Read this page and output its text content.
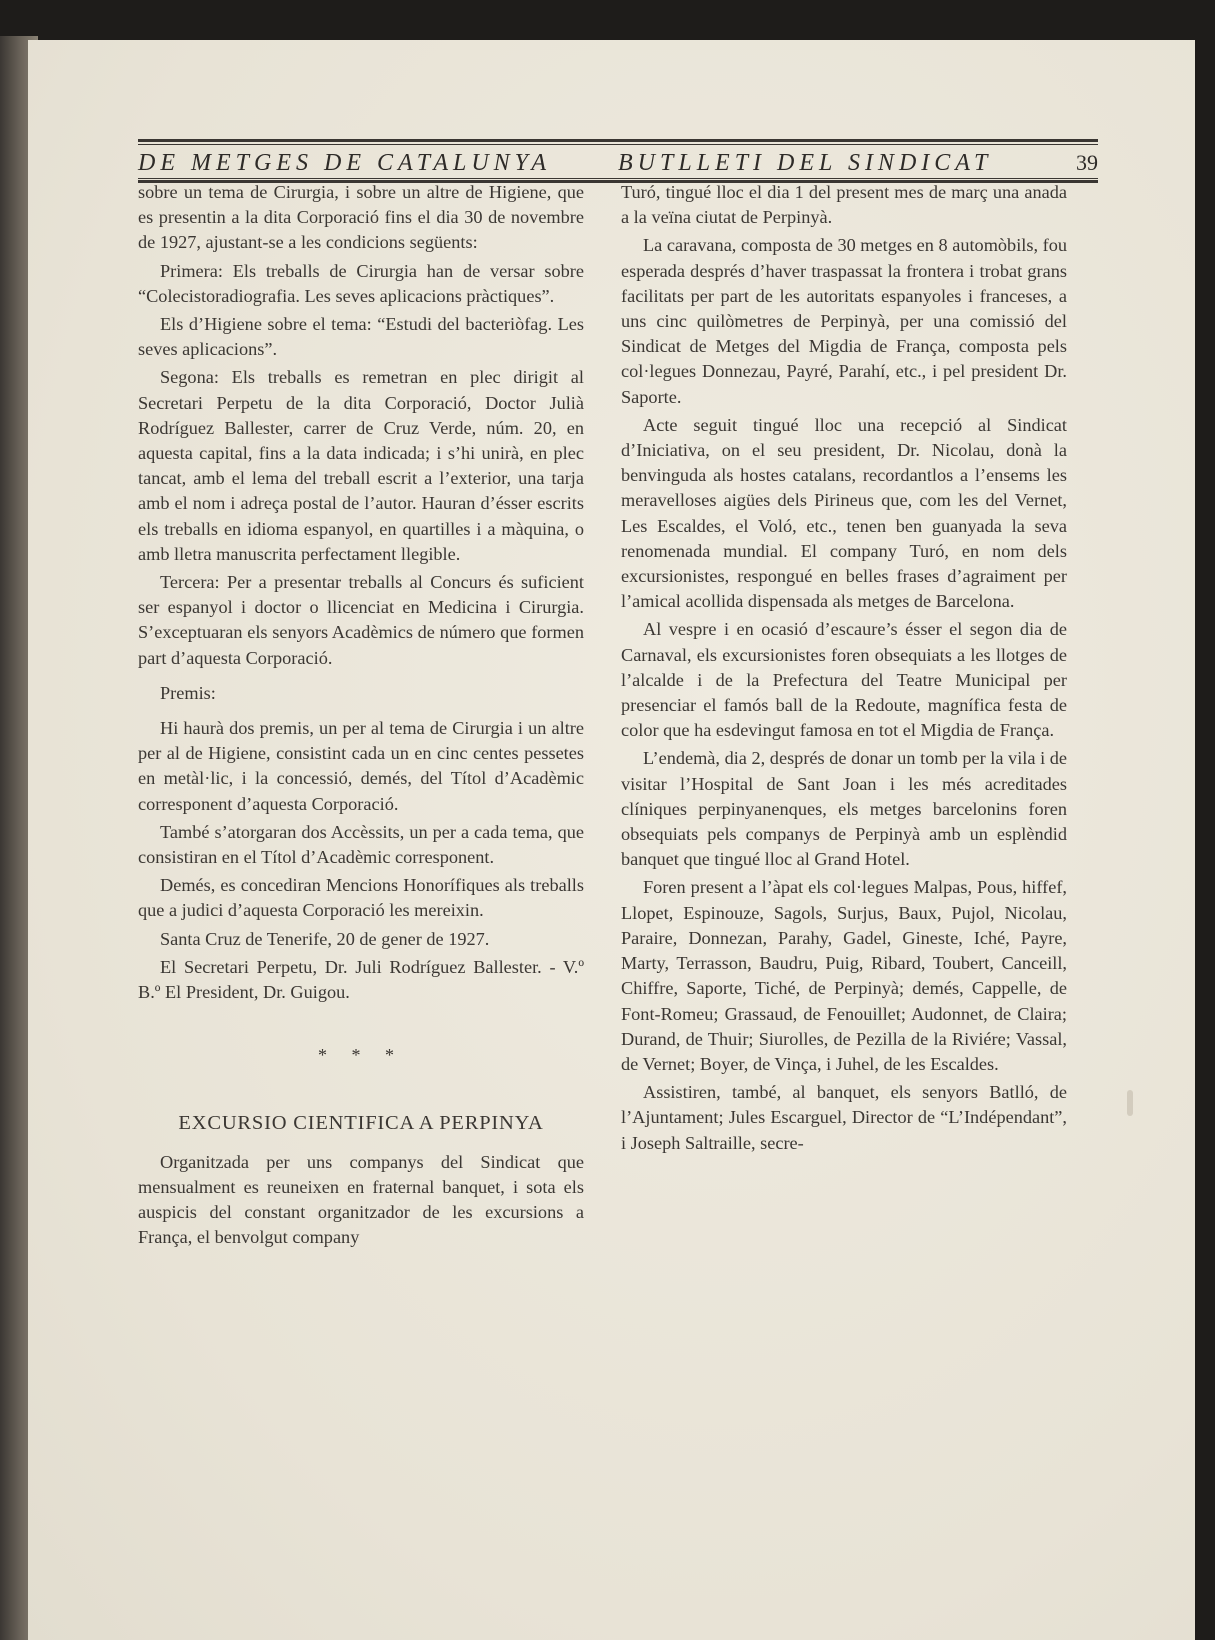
DE METGES DE CATALUNYA	BUTLLETI DEL SINDICAT	39

sobre un tema de Cirurgia, i sobre un altre de Higiene, que es presentin a la dita Corporació fins el dia 30 de novembre de 1927, ajustant-se a les condicions següents:

Primera: Els treballs de Cirurgia han de versar sobre “Colecistoradiografia. Les seves aplicacions pràctiques”.

Els d’Higiene sobre el tema: “Estudi del bacteriòfag. Les seves aplicacions”.

Segona: Els treballs es remetran en plec dirigit al Secretari Perpetu de la dita Corporació, Doctor Julià Rodríguez Ballester, carrer de Cruz Verde, núm. 20, en aquesta capital, fins a la data indicada; i s’hi unirà, en plec tancat, amb el lema del treball escrit a l’exterior, una tarja amb el nom i adreça postal de l’autor. Hauran d’ésser escrits els treballs en idioma espanyol, en quartilles i a màquina, o amb lletra manuscrita perfectament llegible.

Tercera: Per a presentar treballs al Concurs és suficient ser espanyol i doctor o llicenciat en Medicina i Cirurgia. S’exceptuaran els senyors Acadèmics de número que formen part d’aquesta Corporació.

Premis:

Hi haurà dos premis, un per al tema de Cirurgia i un altre per al de Higiene, consistint cada un en cinc centes pessetes en metàl·lic, i la concessió, demés, del Títol d’Acadèmic corresponent d’aquesta Corporació.

També s’atorgaran dos Accèssits, un per a cada tema, que consistiran en el Títol d’Acadèmic corresponent.

Demés, es concediran Mencions Honorífiques als treballs que a judici d’aquesta Corporació les mereixin.

Santa Cruz de Tenerife, 20 de gener de 1927.

El Secretari Perpetu, Dr. Juli Rodríguez Ballester. - V.º B.º El President, Dr. Guigou.

* * *
EXCURSIO CIENTIFICA A PERPINYA

Organitzada per uns companys del Sindicat que mensualment es reuneixen en fraternal banquet, i sota els auspicis del constant organitzador de les excursions a França, el benvolgut company

Turó, tingué lloc el dia 1 del present mes de març una anada a la veïna ciutat de Perpinyà.

La caravana, composta de 30 metges en 8 automòbils, fou esperada després d’haver traspassat la frontera i trobat grans facilitats per part de les autoritats espanyoles i franceses, a uns cinc quilòmetres de Perpinyà, per una comissió del Sindicat de Metges del Migdia de França, composta pels col·legues Donnezau, Payré, Parahí, etc., i pel president Dr. Saporte.

Acte seguit tingué lloc una recepció al Sindicat d’Iniciativa, on el seu president, Dr. Nicolau, donà la benvinguda als hostes catalans, recordantlos a l’ensems les meravelloses aigües dels Pirineus que, com les del Vernet, Les Escaldes, el Voló, etc., tenen ben guanyada la seva renomenada mundial. El company Turó, en nom dels excursionistes, respongué en belles frases d’agraiment per l’amical acollida dispensada als metges de Barcelona.

Al vespre i en ocasió d’escaure’s ésser el segon dia de Carnaval, els excursionistes foren obsequiats a les llotges de l’alcalde i de la Prefectura del Teatre Municipal per presenciar el famós ball de la Redoute, magnífica festa de color que ha esdevingut famosa en tot el Migdia de França.

L’endemà, dia 2, després de donar un tomb per la vila i de visitar l’Hospital de Sant Joan i les més acreditades clíniques perpinyanenques, els metges barcelonins foren obsequiats pels companys de Perpinyà amb un esplèndid banquet que tingué lloc al Grand Hotel.

Foren present a l’àpat els col·legues Malpas, Pous, hiffef, Llopet, Espinouze, Sagols, Surjus, Baux, Pujol, Nicolau, Paraire, Donnezan, Parahy, Gadel, Gineste, Iché, Payre, Marty, Terrasson, Baudru, Puig, Ribard, Toubert, Canceill, Chiffre, Saporte, Tiché, de Perpinyà; demés, Cappelle, de Font-Romeu; Grassaud, de Fenouillet; Audonnet, de Claira; Durand, de Thuir; Siurolles, de Pezilla de la Riviére; Vassal, de Vernet; Boyer, de Vinça, i Juhel, de les Escaldes.

Assistiren, també, al banquet, els senyors Batlló, de l’Ajuntament; Jules Escarguel, Director de “L’Indépendant”, i Joseph Saltraille, secre-
